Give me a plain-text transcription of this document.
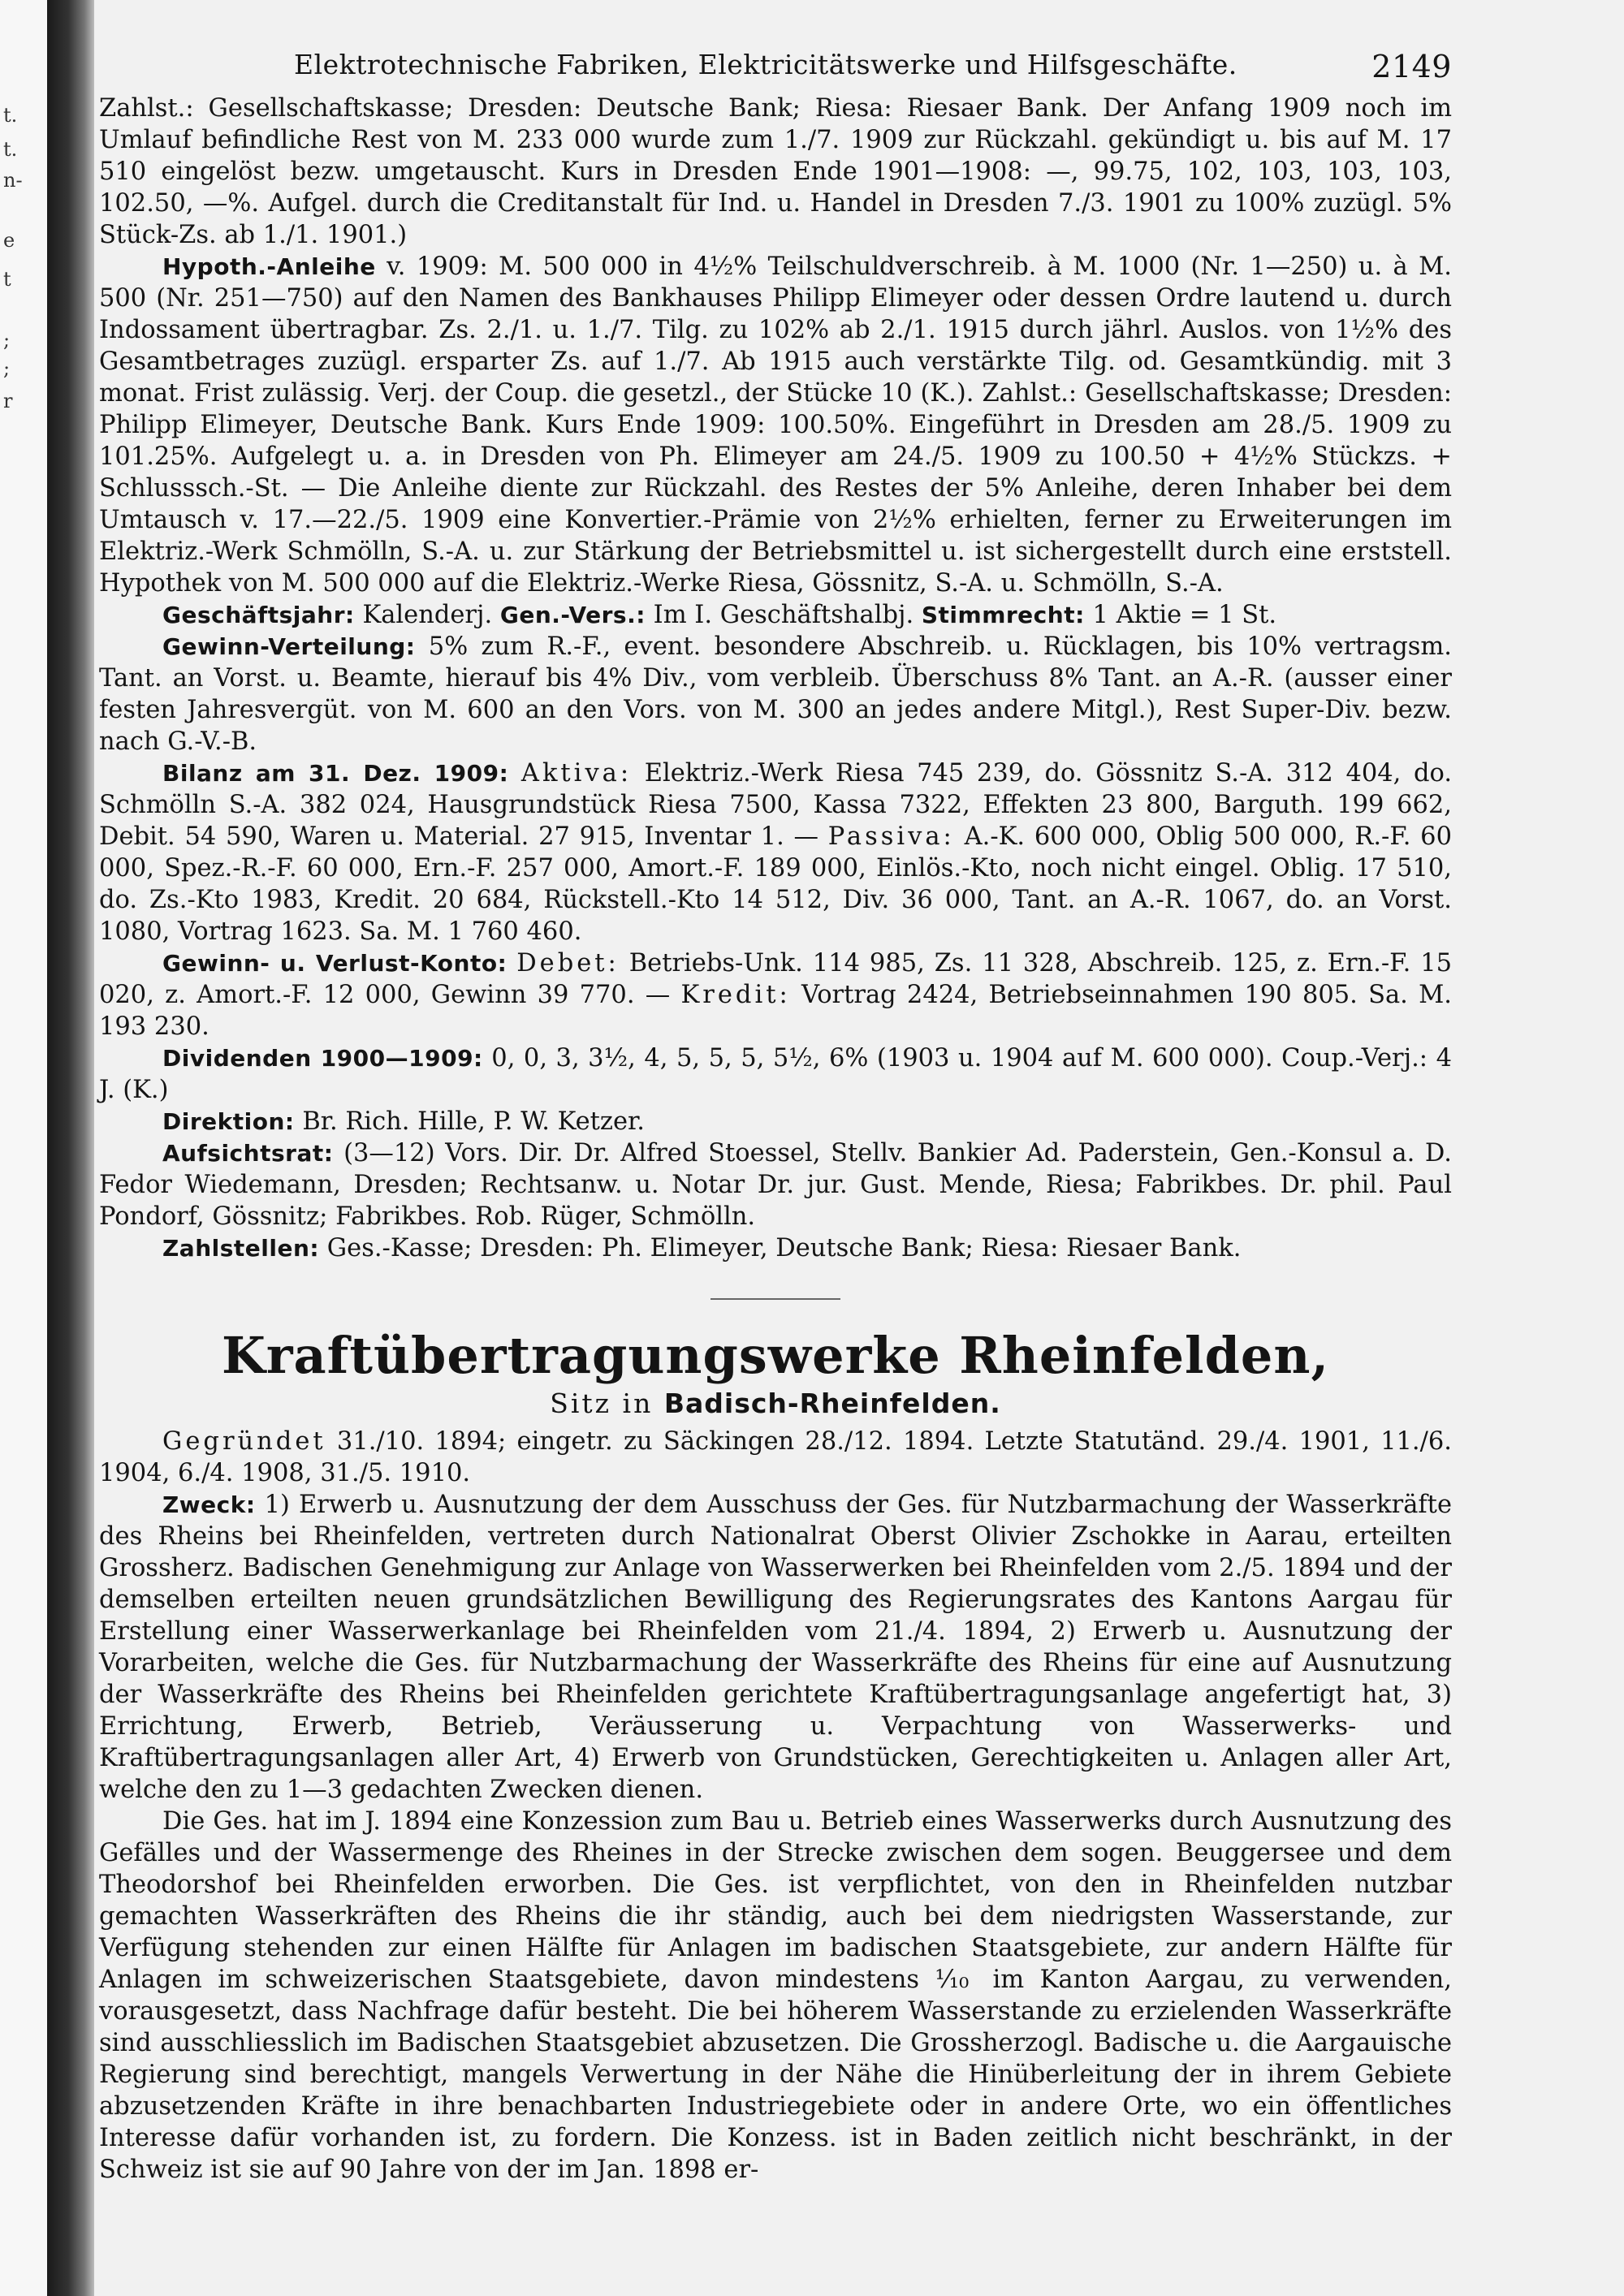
t.
t.
n-
e
t
;
;
r
Elektrotechnische Fabriken, Elektricitätswerke und Hilfsgeschäfte.	2149

Zahlst.: Gesellschaftskasse; Dresden: Deutsche Bank; Riesa: Riesaer Bank. Der Anfang 1909 noch im Umlauf befindliche Rest von M. 233 000 wurde zum 1./7. 1909 zur Rückzahl. gekündigt u. bis auf M. 17 510 eingelöst bezw. umgetauscht. Kurs in Dresden Ende 1901—1908: —, 99.75, 102, 103, 103, 103, 102.50, —%. Aufgel. durch die Creditanstalt für Ind. u. Handel in Dresden 7./3. 1901 zu 100% zuzügl. 5% Stück-Zs. ab 1./1. 1901.)

Hypoth.-Anleihe v. 1909: M. 500 000 in 4½% Teilschuldverschreib. à M. 1000 (Nr. 1—250) u. à M. 500 (Nr. 251—750) auf den Namen des Bankhauses Philipp Elimeyer oder dessen Ordre lautend u. durch Indossament übertragbar. Zs. 2./1. u. 1./7. Tilg. zu 102% ab 2./1. 1915 durch jährl. Auslos. von 1½% des Gesamtbetrages zuzügl. ersparter Zs. auf 1./7. Ab 1915 auch verstärkte Tilg. od. Gesamtkündig. mit 3 monat. Frist zulässig. Verj. der Coup. die gesetzl., der Stücke 10 (K.). Zahlst.: Gesellschaftskasse; Dresden: Philipp Elimeyer, Deutsche Bank. Kurs Ende 1909: 100.50%. Eingeführt in Dresden am 28./5. 1909 zu 101.25%. Aufgelegt u. a. in Dresden von Ph. Elimeyer am 24./5. 1909 zu 100.50 + 4½% Stückzs. + Schlusssch.-St. — Die Anleihe diente zur Rückzahl. des Restes der 5% Anleihe, deren Inhaber bei dem Umtausch v. 17.—22./5. 1909 eine Konvertier.-Prämie von 2½% erhielten, ferner zu Erweiterungen im Elektriz.-Werk Schmölln, S.-A. u. zur Stärkung der Betriebsmittel u. ist sichergestellt durch eine erststell. Hypothek von M. 500 000 auf die Elektriz.-Werke Riesa, Gössnitz, S.-A. u. Schmölln, S.-A.

Geschäftsjahr: Kalenderj. Gen.-Vers.: Im I. Geschäftshalbj. Stimmrecht: 1 Aktie = 1 St.

Gewinn-Verteilung: 5% zum R.-F., event. besondere Abschreib. u. Rücklagen, bis 10% vertragsm. Tant. an Vorst. u. Beamte, hierauf bis 4% Div., vom verbleib. Überschuss 8% Tant. an A.-R. (ausser einer festen Jahresvergüt. von M. 600 an den Vors. von M. 300 an jedes andere Mitgl.), Rest Super-Div. bezw. nach G.-V.-B.

Bilanz am 31. Dez. 1909: Aktiva: Elektriz.-Werk Riesa 745 239, do. Gössnitz S.-A. 312 404, do. Schmölln S.-A. 382 024, Hausgrundstück Riesa 7500, Kassa 7322, Effekten 23 800, Barguth. 199 662, Debit. 54 590, Waren u. Material. 27 915, Inventar 1. — Passiva: A.-K. 600 000, Oblig 500 000, R.-F. 60 000, Spez.-R.-F. 60 000, Ern.-F. 257 000, Amort.-F. 189 000, Einlös.-Kto, noch nicht eingel. Oblig. 17 510, do. Zs.-Kto 1983, Kredit. 20 684, Rückstell.-Kto 14 512, Div. 36 000, Tant. an A.-R. 1067, do. an Vorst. 1080, Vortrag 1623. Sa. M. 1 760 460.

Gewinn- u. Verlust-Konto: Debet: Betriebs-Unk. 114 985, Zs. 11 328, Abschreib. 125, z. Ern.-F. 15 020, z. Amort.-F. 12 000, Gewinn 39 770. — Kredit: Vortrag 2424, Betriebseinnahmen 190 805. Sa. M. 193 230.

Dividenden 1900—1909: 0, 0, 3, 3½, 4, 5, 5, 5, 5½, 6% (1903 u. 1904 auf M. 600 000). Coup.-Verj.: 4 J. (K.)

Direktion: Br. Rich. Hille, P. W. Ketzer.

Aufsichtsrat: (3—12) Vors. Dir. Dr. Alfred Stoessel, Stellv. Bankier Ad. Paderstein, Gen.-Konsul a. D. Fedor Wiedemann, Dresden; Rechtsanw. u. Notar Dr. jur. Gust. Mende, Riesa; Fabrikbes. Dr. phil. Paul Pondorf, Gössnitz; Fabrikbes. Rob. Rüger, Schmölln.

Zahlstellen: Ges.-Kasse; Dresden: Ph. Elimeyer, Deutsche Bank; Riesa: Riesaer Bank.

Kraftübertragungswerke Rheinfelden,
Sitz in Badisch-Rheinfelden.

Gegründet 31./10. 1894; eingetr. zu Säckingen 28./12. 1894. Letzte Statutänd. 29./4. 1901, 11./6. 1904, 6./4. 1908, 31./5. 1910.

Zweck: 1) Erwerb u. Ausnutzung der dem Ausschuss der Ges. für Nutzbarmachung der Wasserkräfte des Rheins bei Rheinfelden, vertreten durch Nationalrat Oberst Olivier Zschokke in Aarau, erteilten Grossherz. Badischen Genehmigung zur Anlage von Wasserwerken bei Rheinfelden vom 2./5. 1894 und der demselben erteilten neuen grundsätzlichen Bewilligung des Regierungsrates des Kantons Aargau für Erstellung einer Wasserwerkanlage bei Rheinfelden vom 21./4. 1894, 2) Erwerb u. Ausnutzung der Vorarbeiten, welche die Ges. für Nutzbarmachung der Wasserkräfte des Rheins für eine auf Ausnutzung der Wasserkräfte des Rheins bei Rheinfelden gerichtete Kraftübertragungsanlage angefertigt hat, 3) Errichtung, Erwerb, Betrieb, Veräusserung u. Verpachtung von Wasserwerks- und Kraftübertragungsanlagen aller Art, 4) Erwerb von Grundstücken, Gerechtigkeiten u. Anlagen aller Art, welche den zu 1—3 gedachten Zwecken dienen.

Die Ges. hat im J. 1894 eine Konzession zum Bau u. Betrieb eines Wasserwerks durch Ausnutzung des Gefälles und der Wassermenge des Rheines in der Strecke zwischen dem sogen. Beuggersee und dem Theodorshof bei Rheinfelden erworben. Die Ges. ist verpflichtet, von den in Rheinfelden nutzbar gemachten Wasserkräften des Rheins die ihr ständig, auch bei dem niedrigsten Wasserstande, zur Verfügung stehenden zur einen Hälfte für Anlagen im badischen Staatsgebiete, zur andern Hälfte für Anlagen im schweizerischen Staatsgebiete, davon mindestens ⅒ im Kanton Aargau, zu verwenden, vorausgesetzt, dass Nachfrage dafür besteht. Die bei höherem Wasserstande zu erzielenden Wasserkräfte sind ausschliesslich im Badischen Staatsgebiet abzusetzen. Die Grossherzogl. Badische u. die Aargauische Regierung sind berechtigt, mangels Verwertung in der Nähe die Hinüberleitung der in ihrem Gebiete abzusetzenden Kräfte in ihre benachbarten Industriegebiete oder in andere Orte, wo ein öffentliches Interesse dafür vorhanden ist, zu fordern. Die Konzess. ist in Baden zeitlich nicht beschränkt, in der Schweiz ist sie auf 90 Jahre von der im Jan. 1898 er-
